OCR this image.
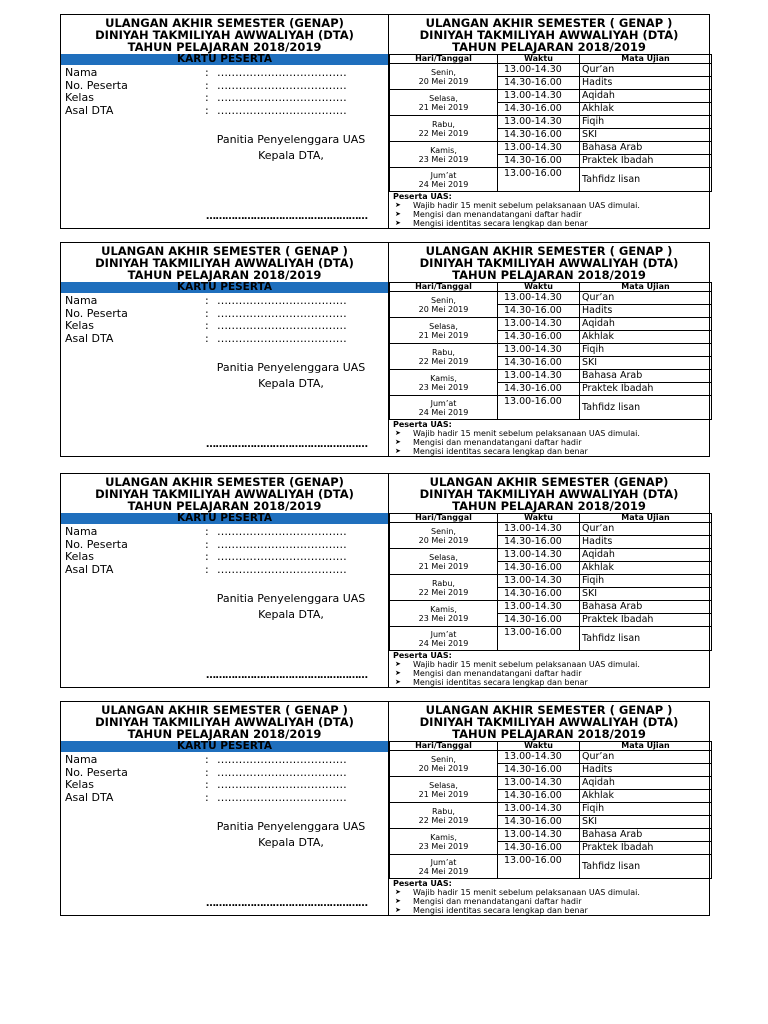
ULANGAN AKHIR SEMESTER (GENAP)
DINIYAH TAKMILIYAH AWWALIYAH (DTA)
TAHUN PELAJARAN 2018/2019
KARTU PESERTA
Nama	: ………………………………
No. Peserta	: ………………………………
Kelas	: ………………………………
Asal DTA	: ………………………………
Panitia Penyelenggara UAS
Kepala DTA,
……………………………………………
ULANGAN AKHIR SEMESTER ( GENAP )
DINIYAH TAKMILIYAH AWWALIYAH (DTA)
TAHUN PELAJARAN 2018/2019
Hari/Tanggal	Waktu	Mata Ujian

Senin,
20 Mei 2019	13.00-14.30	Qur’an
	14.30-16.00	Hadits

Selasa,
21 Mei 2019	13.00-14.30	Aqidah
	14.30-16.00	Akhlak

Rabu,
22 Mei 2019	13.00-14.30	Fiqih
	14.30-16.00	SKI

Kamis,
23 Mei 2019	13.00-14.30	Bahasa Arab
	14.30-16.00	Praktek Ibadah

Jum’at
24 Mei 2019	13.00-16.00	Tahfidz lisan
Peserta UAS:
➤	Wajib hadir 15 menit sebelum pelaksanaan UAS dimulai.
➤	Mengisi dan menandatangani daftar hadir
➤	Mengisi identitas secara lengkap dan benar
ULANGAN AKHIR SEMESTER ( GENAP )
DINIYAH TAKMILIYAH AWWALIYAH (DTA)
TAHUN PELAJARAN 2018/2019
KARTU PESERTA
Nama	: ………………………………
No. Peserta	: ………………………………
Kelas	: ………………………………
Asal DTA	: ………………………………
Panitia Penyelenggara UAS
Kepala DTA,
……………………………………………
ULANGAN AKHIR SEMESTER ( GENAP )
DINIYAH TAKMILIYAH AWWALIYAH (DTA)
TAHUN PELAJARAN 2018/2019
Hari/Tanggal	Waktu	Mata Ujian

Senin,
20 Mei 2019	13.00-14.30	Qur’an
	14.30-16.00	Hadits

Selasa,
21 Mei 2019	13.00-14.30	Aqidah
	14.30-16.00	Akhlak

Rabu,
22 Mei 2019	13.00-14.30	Fiqih
	14.30-16.00	SKI

Kamis,
23 Mei 2019	13.00-14.30	Bahasa Arab
	14.30-16.00	Praktek Ibadah

Jum’at
24 Mei 2019	13.00-16.00	Tahfidz lisan
Peserta UAS:
➤	Wajib hadir 15 menit sebelum pelaksanaan UAS dimulai.
➤	Mengisi dan menandatangani daftar hadir
➤	Mengisi identitas secara lengkap dan benar
ULANGAN AKHIR SEMESTER (GENAP)
DINIYAH TAKMILIYAH AWWALIYAH (DTA)
TAHUN PELAJARAN 2018/2019
KARTU PESERTA
Nama	: ………………………………
No. Peserta	: ………………………………
Kelas	: ………………………………
Asal DTA	: ………………………………
Panitia Penyelenggara UAS
Kepala DTA,
……………………………………………
ULANGAN AKHIR SEMESTER (GENAP)
DINIYAH TAKMILIYAH AWWALIYAH (DTA)
TAHUN PELAJARAN 2018/2019
Hari/Tanggal	Waktu	Mata Ujian

Senin,
20 Mei 2019	13.00-14.30	Qur’an
	14.30-16.00	Hadits

Selasa,
21 Mei 2019	13.00-14.30	Aqidah
	14.30-16.00	Akhlak

Rabu,
22 Mei 2019	13.00-14.30	Fiqih
	14.30-16.00	SKI

Kamis,
23 Mei 2019	13.00-14.30	Bahasa Arab
	14.30-16.00	Praktek Ibadah

Jum’at
24 Mei 2019	13.00-16.00	Tahfidz lisan
Peserta UAS:
➤	Wajib hadir 15 menit sebelum pelaksanaan UAS dimulai.
➤	Mengisi dan menandatangani daftar hadir
➤	Mengisi identitas secara lengkap dan benar
ULANGAN AKHIR SEMESTER ( GENAP )
DINIYAH TAKMILIYAH AWWALIYAH (DTA)
TAHUN PELAJARAN 2018/2019
KARTU PESERTA
Nama	: ………………………………
No. Peserta	: ………………………………
Kelas	: ………………………………
Asal DTA	: ………………………………
Panitia Penyelenggara UAS
Kepala DTA,
……………………………………………
ULANGAN AKHIR SEMESTER ( GENAP )
DINIYAH TAKMILIYAH AWWALIYAH (DTA)
TAHUN PELAJARAN 2018/2019
Hari/Tanggal	Waktu	Mata Ujian

Senin,
20 Mei 2019	13.00-14.30	Qur’an
	14.30-16.00	Hadits

Selasa,
21 Mei 2019	13.00-14.30	Aqidah
	14.30-16.00	Akhlak

Rabu,
22 Mei 2019	13.00-14.30	Fiqih
	14.30-16.00	SKI

Kamis,
23 Mei 2019	13.00-14.30	Bahasa Arab
	14.30-16.00	Praktek Ibadah

Jum’at
24 Mei 2019	13.00-16.00	Tahfidz lisan
Peserta UAS:
➤	Wajib hadir 15 menit sebelum pelaksanaan UAS dimulai.
➤	Mengisi dan menandatangani daftar hadir
➤	Mengisi identitas secara lengkap dan benar
